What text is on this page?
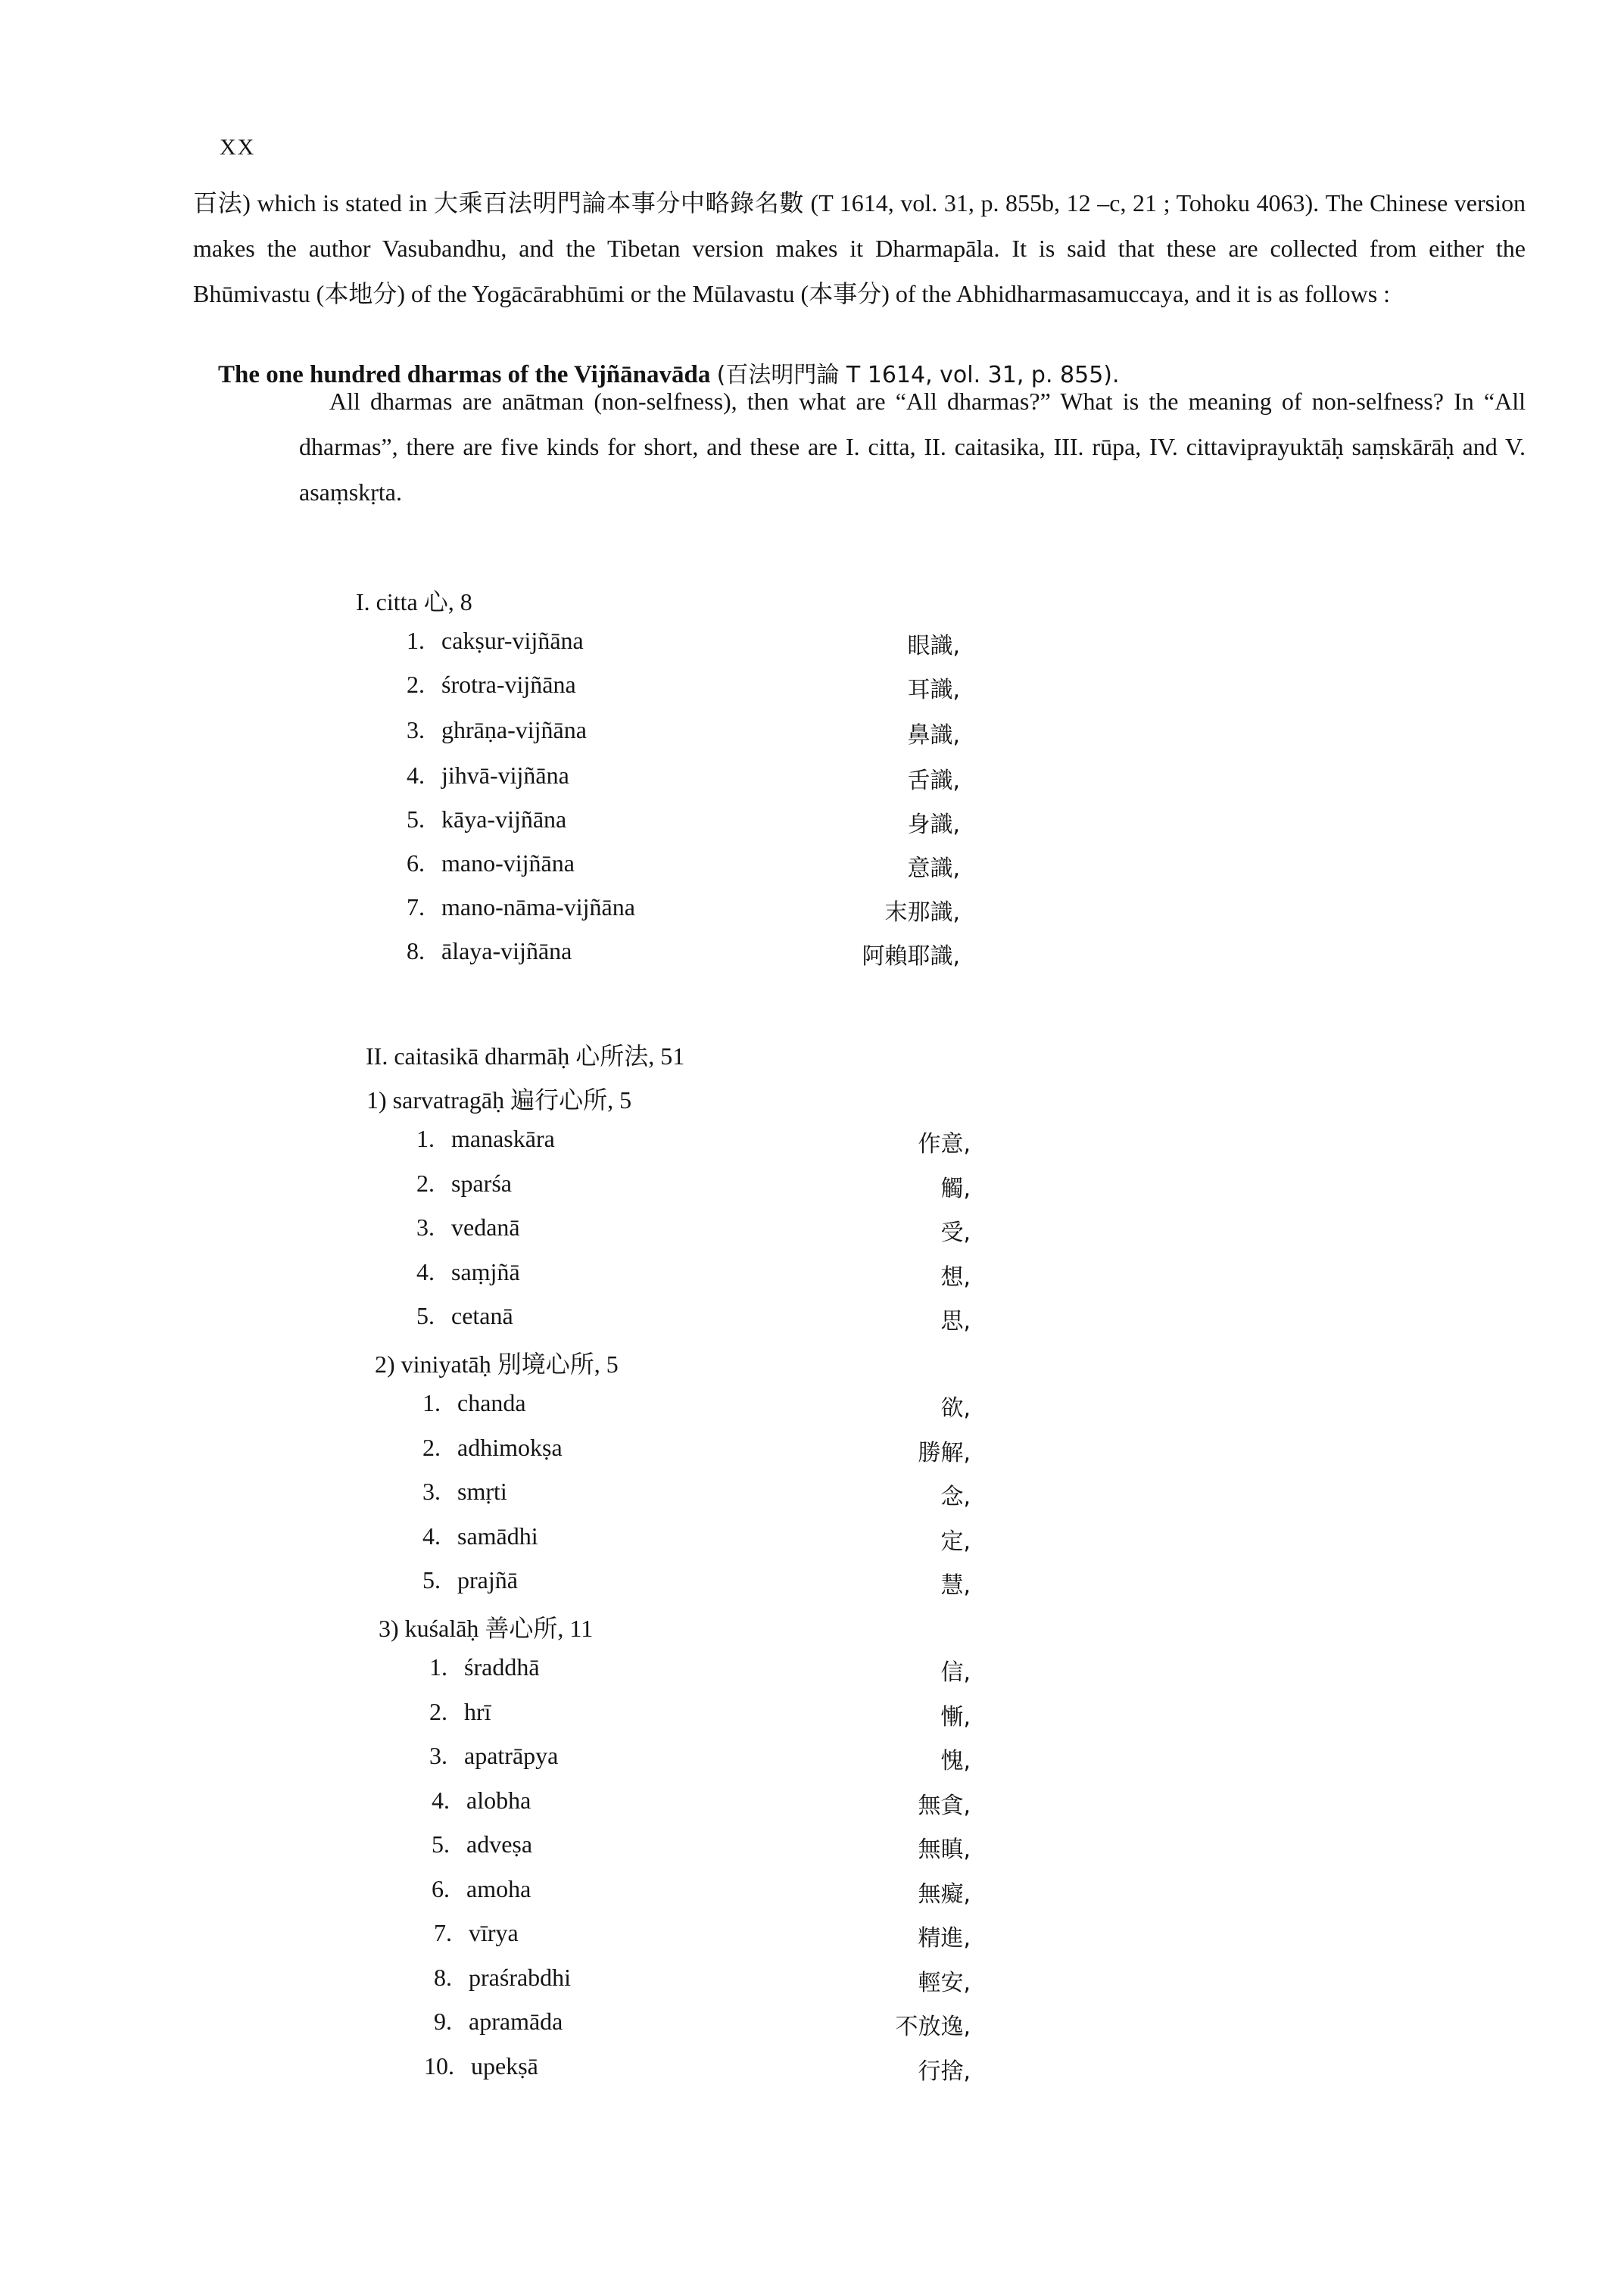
XX

百法) which is stated in 大乘百法明門論本事分中略錄名數 (T 1614, vol. 31, p. 855b, 12 –c, 21 ; Tohoku 4063). The Chinese version makes the author Vasubandhu, and the Tibetan version makes it Dharmapāla. It is said that these are collected from either the Bhūmivastu (本地分) of the Yogācārabhūmi or the Mūlavastu (本事分) of the Abhidharmasamuccaya, and it is as follows :

The one hundred dharmas of the Vijñānavāda (百法明門論 T 1614, vol. 31, p. 855).
All dharmas are anātman (non-selfness), then what are “All dharmas?” What is the meaning of non-selfness? In “All dharmas”, there are five kinds for short, and these are I. citta, II. caitasika, III. rūpa, IV. cittaviprayuktāḥ saṃskārāḥ and V. asaṃskṛta.
I. citta 心, 8
1. cakṣur-vijñāna	眼識,
2. śrotra-vijñāna	耳識,
3. ghrāṇa-vijñāna	鼻識,
4. jihvā-vijñāna	舌識,
5. kāya-vijñāna	身識,
6. mano-vijñāna	意識,
7. mano-nāma-vijñāna	末那識,
8. ālaya-vijñāna	阿賴耶識,
II. caitasikā dharmāḥ 心所法, 51
1) sarvatragāḥ 遍行心所, 5
1. manaskāra	作意,
2. sparśa	觸,
3. vedanā	受,
4. saṃjñā	想,
5. cetanā	思,
2) viniyatāḥ 別境心所, 5
1. chanda	欲,
2. adhimokṣa	勝解,
3. smṛti	念,
4. samādhi	定,
5. prajñā	慧,
3) kuśalāḥ 善心所, 11
1. śraddhā	信,
2. hrī	慚,
3. apatrāpya	愧,
4. alobha	無貪,
5. adveṣa	無瞋,
6. amoha	無癡,
7. vīrya	精進,
8. praśrabdhi	輕安,
9. apramāda	不放逸,
10. upekṣā	行捨,
